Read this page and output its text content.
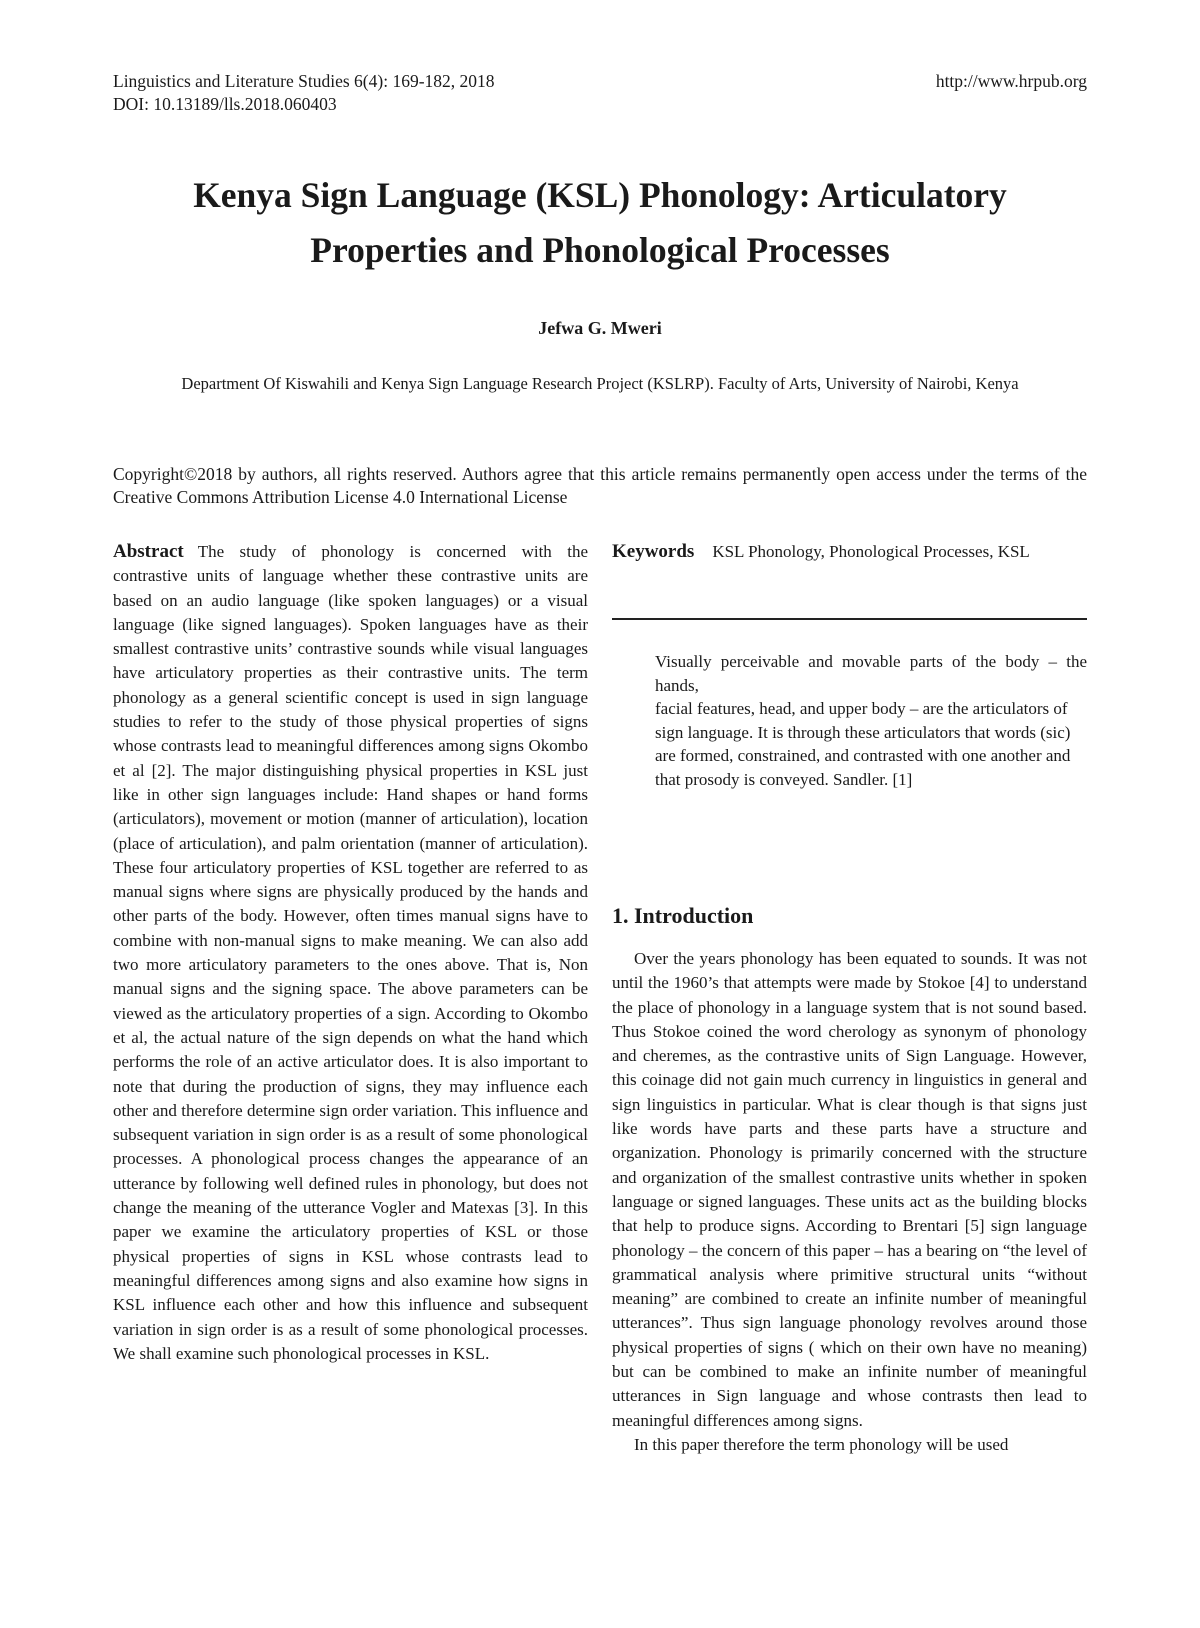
Linguistics and Literature Studies 6(4): 169-182, 2018
DOI: 10.13189/lls.2018.060403
http://www.hrpub.org
Kenya Sign Language (KSL) Phonology: Articulatory
Properties and Phonological Processes
Jefwa G. Mweri
Department Of Kiswahili and Kenya Sign Language Research Project (KSLRP). Faculty of Arts, University of Nairobi, Kenya
Copyright©2018 by authors, all rights reserved. Authors agree that this article remains permanently open access under the terms of the Creative Commons Attribution License 4.0 International License
Abstract The study of phonology is concerned with the contrastive units of language whether these contrastive units are based on an audio language (like spoken languages) or a visual language (like signed languages). Spoken languages have as their smallest contrastive units’ contrastive sounds while visual languages have articulatory properties as their contrastive units. The term phonology as a general scientific concept is used in sign language studies to refer to the study of those physical properties of signs whose contrasts lead to meaningful differences among signs Okombo et al [2]. The major distinguishing physical properties in KSL just like in other sign languages include: Hand shapes or hand forms (articulators), movement or motion (manner of articulation), location (place of articulation), and palm orientation (manner of articulation). These four articulatory properties of KSL together are referred to as manual signs where signs are physically produced by the hands and other parts of the body. However, often times manual signs have to combine with non-manual signs to make meaning. We can also add two more articulatory parameters to the ones above. That is, Non manual signs and the signing space. The above parameters can be viewed as the articulatory properties of a sign. According to Okombo et al, the actual nature of the sign depends on what the hand which performs the role of an active articulator does. It is also important to note that during the production of signs, they may influence each other and therefore determine sign order variation. This influence and subsequent variation in sign order is as a result of some phonological processes. A phonological process changes the appearance of an utterance by following well defined rules in phonology, but does not change the meaning of the utterance Vogler and Matexas [3]. In this paper we examine the articulatory properties of KSL or those physical properties of signs in KSL whose contrasts lead to meaningful differences among signs and also examine how signs in KSL influence each other and how this influence and subsequent variation in sign order is as a result of some phonological processes. We shall examine such phonological processes in KSL.
Keywords KSL Phonology, Phonological Processes, KSL

Visually perceivable and movable parts of the body – the hands,

facial features, head, and upper body – are the articulators of

sign language. It is through these articulators that words (sic)

are formed, constrained, and contrasted with one another and

that prosody is conveyed. Sandler. [1]

1. Introduction

Over the years phonology has been equated to sounds. It was not until the 1960’s that attempts were made by Stokoe [4] to understand the place of phonology in a language system that is not sound based. Thus Stokoe coined the word cherology as synonym of phonology and cheremes, as the contrastive units of Sign Language. However, this coinage did not gain much currency in linguistics in general and sign linguistics in particular. What is clear though is that signs just like words have parts and these parts have a structure and organization. Phonology is primarily concerned with the structure and organization of the smallest contrastive units whether in spoken language or signed languages. These units act as the building blocks that help to produce signs. According to Brentari [5] sign language phonology – the concern of this paper – has a bearing on “the level of grammatical analysis where primitive structural units “without meaning” are combined to create an infinite number of meaningful utterances”. Thus sign language phonology revolves around those physical properties of signs ( which on their own have no meaning) but can be combined to make an infinite number of meaningful utterances in Sign language and whose contrasts then lead to meaningful differences among signs.

In this paper therefore the term phonology will be used
